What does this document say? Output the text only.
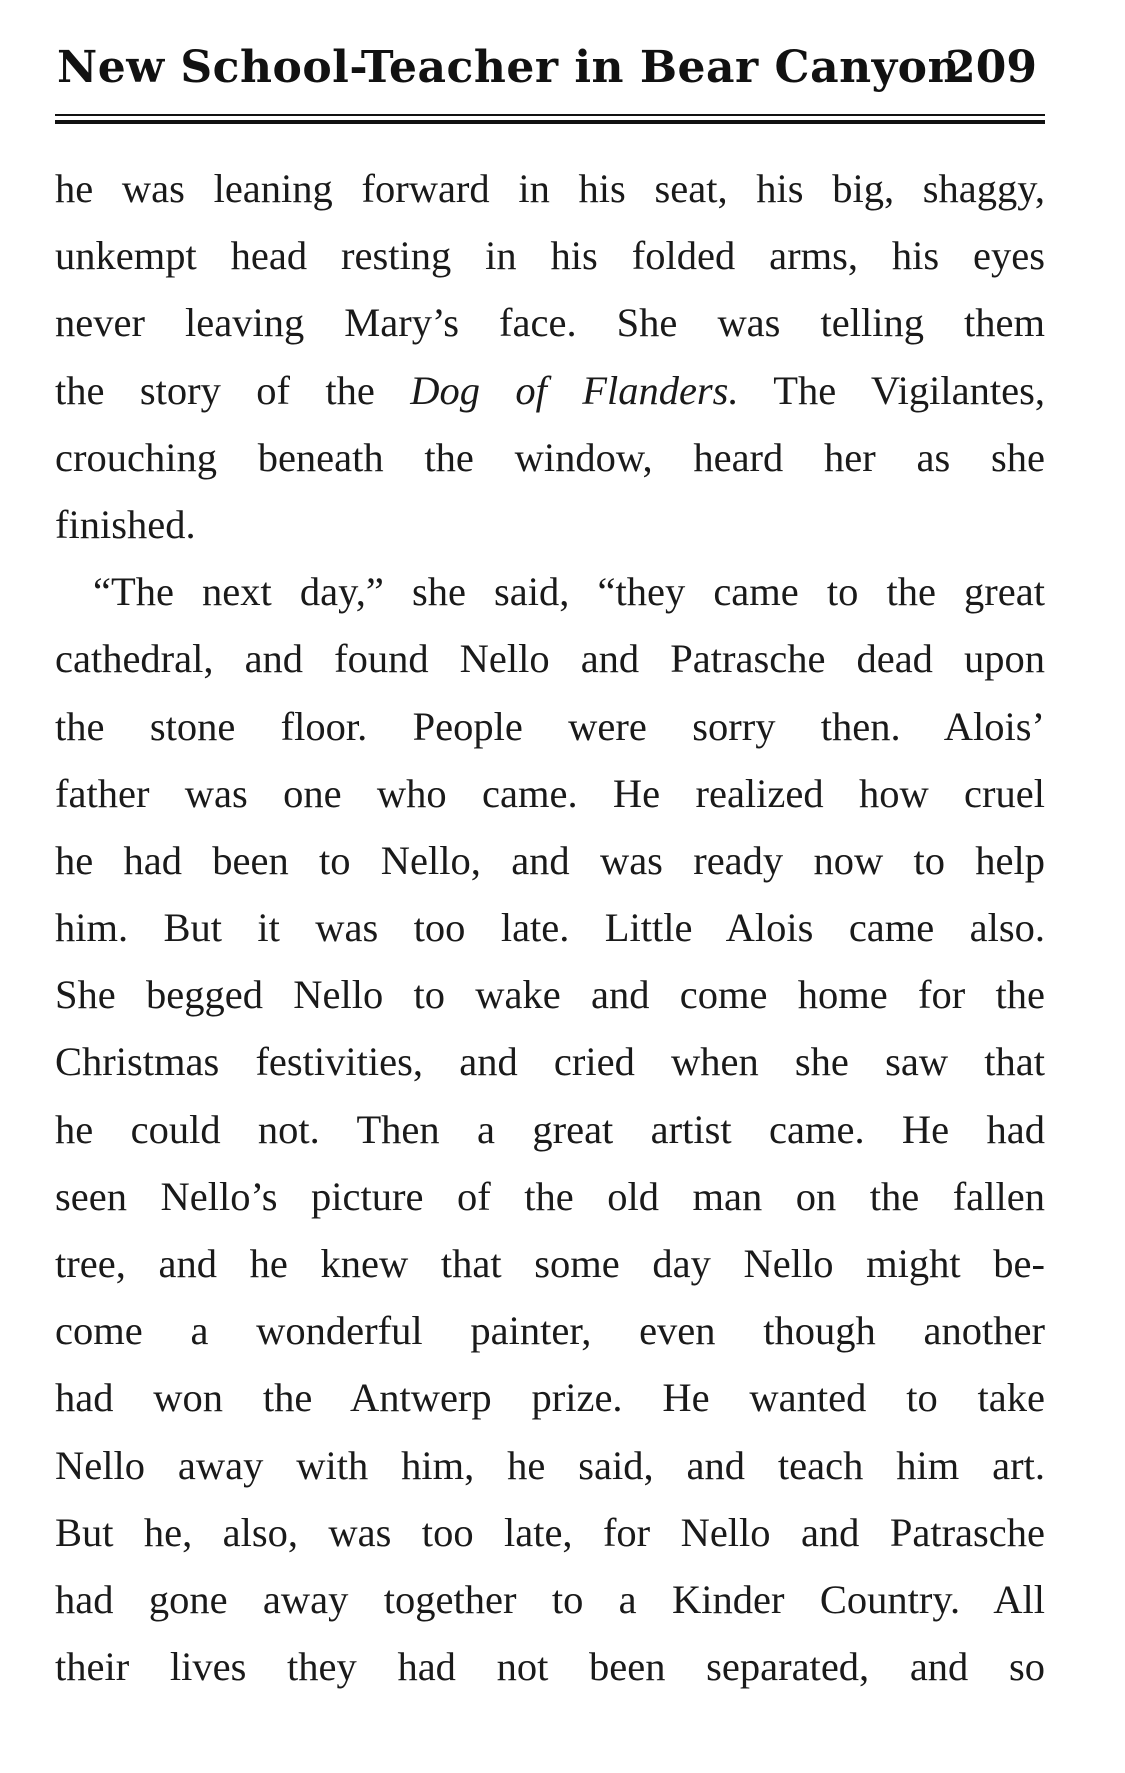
New School-Teacher in Bear Canyon
209
he was leaning forward in his seat, his big, shaggy,
unkempt head resting in his folded arms, his eyes
never leaving Mary’s face. She was telling them
the story of the Dog of Flanders. The Vigilantes,
crouching beneath the window, heard her as she
finished.
“The next day,” she said, “they came to the great
cathedral, and found Nello and Patrasche dead upon
the stone floor. People were sorry then. Alois’
father was one who came. He realized how cruel
he had been to Nello, and was ready now to help
him. But it was too late. Little Alois came also.
She begged Nello to wake and come home for the
Christmas festivities, and cried when she saw that
he could not. Then a great artist came. He had
seen Nello’s picture of the old man on the fallen
tree, and he knew that some day Nello might be-
come a wonderful painter, even though another
had won the Antwerp prize. He wanted to take
Nello away with him, he said, and teach him art.
But he, also, was too late, for Nello and Patrasche
had gone away together to a Kinder Country. All
their lives they had not been separated, and so
